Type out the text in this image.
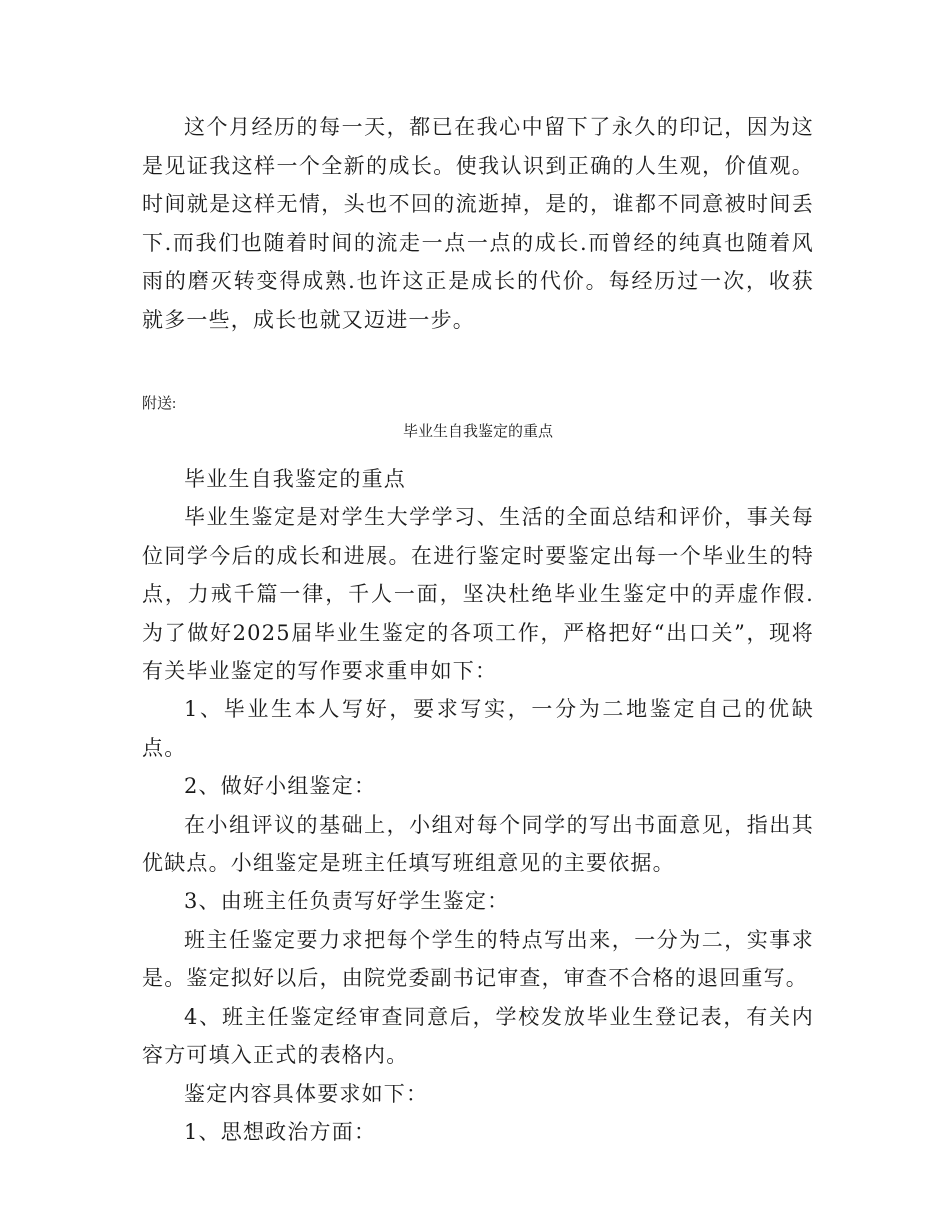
这个月经历的每一天，都已在我心中留下了永久的印记，因为这是见证我这样一个全新的成长。使我认识到正确的人生观，价值观。时间就是这样无情，头也不回的流逝掉，是的，谁都不同意被时间丢下.而我们也随着时间的流走一点一点的成长.而曾经的纯真也随着风雨的磨灭转变得成熟.也许这正是成长的代价。每经历过一次，收获就多一些，成长也就又迈进一步。

附送:
毕业生自我鉴定的重点

毕业生自我鉴定的重点

毕业生鉴定是对学生大学学习、生活的全面总结和评价，事关每位同学今后的成长和进展。在进行鉴定时要鉴定出每一个毕业生的特点，力戒千篇一律，千人一面，坚决杜绝毕业生鉴定中的弄虚作假.为了做好2025届毕业生鉴定的各项工作，严格把好“出口关”，现将有关毕业鉴定的写作要求重申如下：

1、毕业生本人写好，要求写实，一分为二地鉴定自己的优缺点。

2、做好小组鉴定：

在小组评议的基础上，小组对每个同学的写出书面意见，指出其优缺点。小组鉴定是班主任填写班组意见的主要依据。

3、由班主任负责写好学生鉴定：

班主任鉴定要力求把每个学生的特点写出来，一分为二，实事求是。鉴定拟好以后，由院党委副书记审查，审查不合格的退回重写。

4、班主任鉴定经审查同意后，学校发放毕业生登记表，有关内容方可填入正式的表格内。

鉴定内容具体要求如下：

1、思想政治方面：
